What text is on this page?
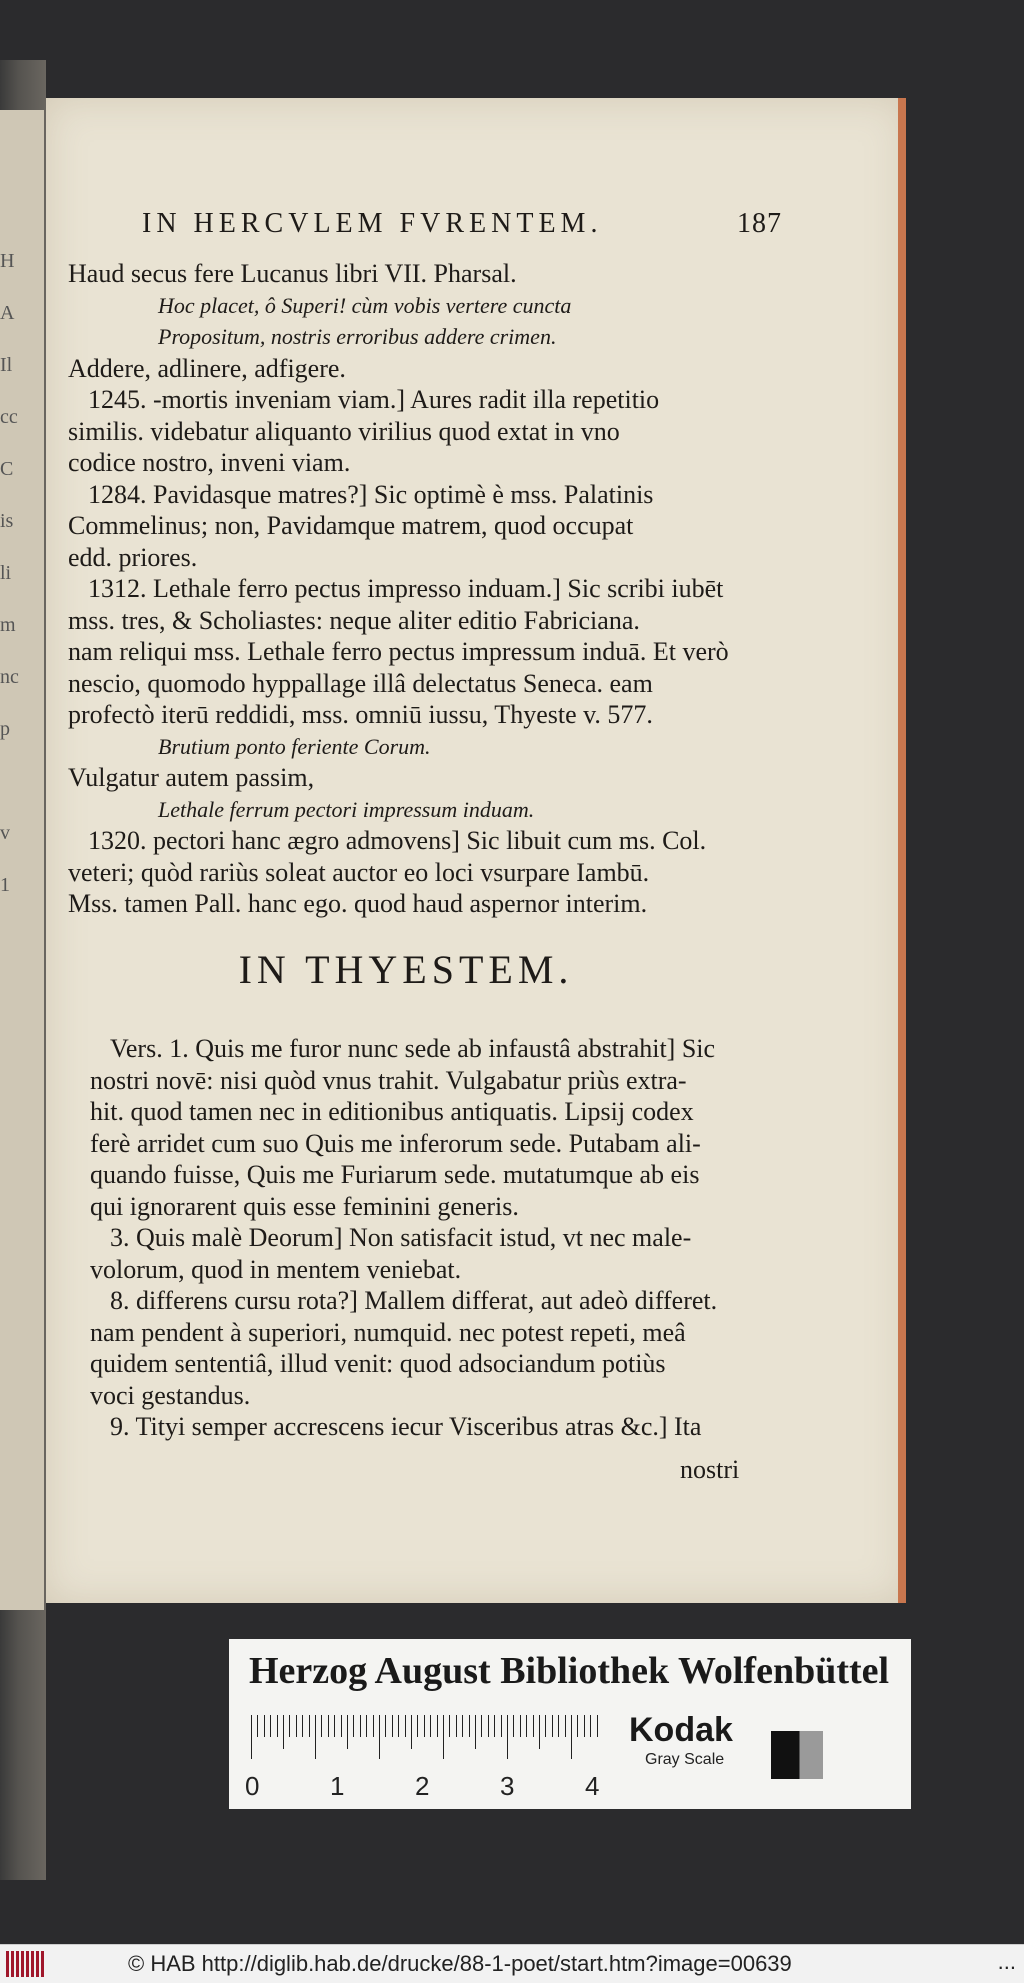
H
A
Il
cc
C
is
li
m
nc
p
v
1
IN HERCVLEM FVRENTEM.	187
Haud secus fere Lucanus libri VII. Pharsal.
Hoc placet, ô Superi! cùm vobis vertere cuncta
Propositum, nostris erroribus addere crimen.
Addere, adlinere, adfigere.
1245. -mortis inveniam viam.] Aures radit illa repetitio
similis. videbatur aliquanto virilius quod extat in vno
codice nostro, inveni viam.
1284. Pavidasque matres?] Sic optimè è mss. Palatinis
Commelinus; non, Pavidamque matrem, quod occupat
edd. priores.
1312. Lethale ferro pectus impresso induam.] Sic scribi iubēt
mss. tres, & Scholiastes: neque aliter editio Fabriciana.
nam reliqui mss. Lethale ferro pectus impressum induā. Et verò
nescio, quomodo hyppallage illâ delectatus Seneca. eam
profectò iterū reddidi, mss. omniū iussu, Thyeste v. 577.
Brutium ponto feriente Corum.
Vulgatur autem passim,
Lethale ferrum pectori impressum induam.
1320. pectori hanc ægro admovens] Sic libuit cum ms. Col.
veteri; quòd rariùs soleat auctor eo loci vsurpare Iambū.
Mss. tamen Pall. hanc ego. quod haud aspernor interim.
IN THYESTEM.
Vers. 1. Quis me furor nunc sede ab infaustâ abstrahit] Sic
nostri novē: nisi quòd vnus trahit. Vulgabatur priùs extra-
hit. quod tamen nec in editionibus antiquatis. Lipsij codex
ferè arridet cum suo Quis me inferorum sede. Putabam ali-
quando fuisse, Quis me Furiarum sede. mutatumque ab eis
qui ignorarent quis esse feminini generis.
3. Quis malè Deorum] Non satisfacit istud, vt nec male-
volorum, quod in mentem veniebat.
8. differens cursu rota?] Mallem differat, aut adeò differet.
nam pendent à superiori, numquid. nec potest repeti, meâ
quidem sententiâ, illud venit: quod adsociandum potiùs
voci gestandus.
9. Tityi semper accrescens iecur Visceribus atras &c.] Ita
nostri
Herzog August Bibliothek Wolfenbüttel
0	1	2	3	4
Kodak
Gray Scale
© HAB http://diglib.hab.de/drucke/88-1-poet/start.htm?image=00639	...
